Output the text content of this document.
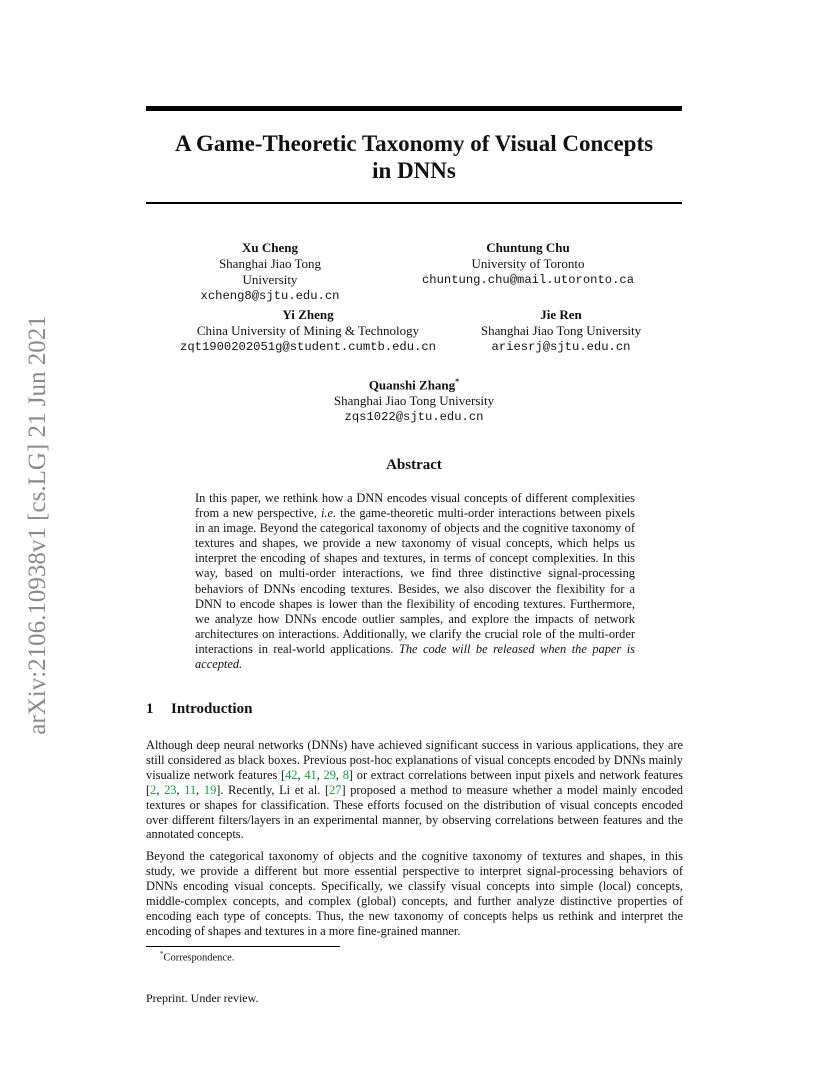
arXiv:2106.10938v1 [cs.LG] 21 Jun 2021
A Game-Theoretic Taxonomy of Visual Concepts
in DNNs
Xu Cheng
Shanghai Jiao Tong University
xcheng8@sjtu.edu.cn
Chuntung Chu
University of Toronto
chuntung.chu@mail.utoronto.ca
Yi Zheng
China University of Mining & Technology
zqt1900202051g@student.cumtb.edu.cn
Jie Ren
Shanghai Jiao Tong University
ariesrj@sjtu.edu.cn
Quanshi Zhang*
Shanghai Jiao Tong University
zqs1022@sjtu.edu.cn
Abstract

In this paper, we rethink how a DNN encodes visual concepts of different complexities from a new perspective, i.e. the game-theoretic multi-order interactions between pixels in an image. Beyond the categorical taxonomy of objects and the cognitive taxonomy of textures and shapes, we provide a new taxonomy of visual concepts, which helps us interpret the encoding of shapes and textures, in terms of concept complexities. In this way, based on multi-order interactions, we find three distinctive signal-processing behaviors of DNNs encoding textures. Besides, we also discover the flexibility for a DNN to encode shapes is lower than the flexibility of encoding textures. Furthermore, we analyze how DNNs encode outlier samples, and explore the impacts of network architectures on interactions. Additionally, we clarify the crucial role of the multi-order interactions in real-world applications. The code will be released when the paper is accepted.

1 Introduction

Although deep neural networks (DNNs) have achieved significant success in various applications, they are still considered as black boxes. Previous post-hoc explanations of visual concepts encoded by DNNs mainly visualize network features [42, 41, 29, 8] or extract correlations between input pixels and network features [2, 23, 11, 19]. Recently, Li et al. [27] proposed a method to measure whether a model mainly encoded textures or shapes for classification. These efforts focused on the distribution of visual concepts encoded over different filters/layers in an experimental manner, by observing correlations between features and the annotated concepts.

Beyond the categorical taxonomy of objects and the cognitive taxonomy of textures and shapes, in this study, we provide a different but more essential perspective to interpret signal-processing behaviors of DNNs encoding visual concepts. Specifically, we classify visual concepts into simple (local) concepts, middle-complex concepts, and complex (global) concepts, and further analyze distinctive properties of encoding each type of concepts. Thus, the new taxonomy of concepts helps us rethink and interpret the encoding of shapes and textures in a more fine-grained manner.

*Correspondence.
Preprint. Under review.
